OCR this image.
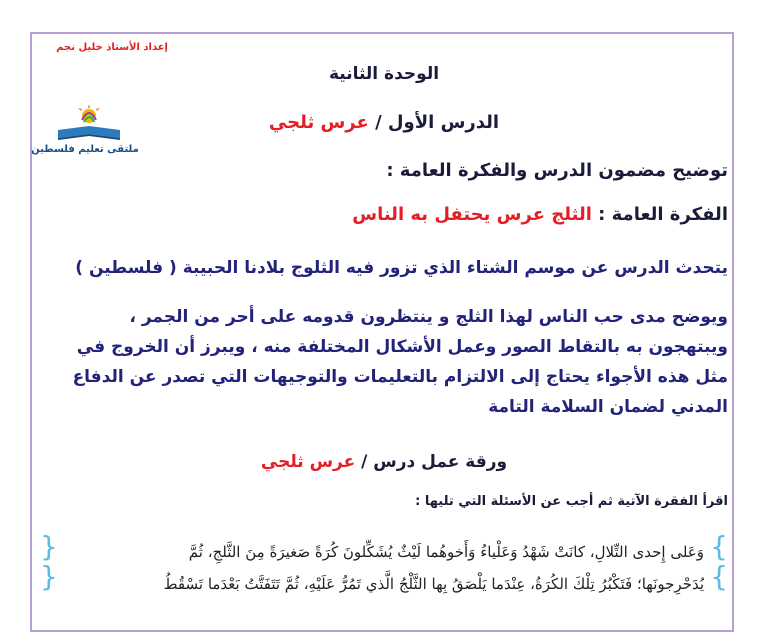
إعداد الأستاذ خليل نجم
ملتقى تعليم فلسطين
الوحدة الثانية
الدرس الأول / عرس ثلجي
توضيح مضمون الدرس والفكرة العامة :
الفكرة العامة : الثلج عرس يحتفل به الناس
يتحدث الدرس عن موسم الشتاء الذي تزور فيه الثلوج بلادنا الحبيبة ( فلسطين )
ويوضح مدى حب الناس لهذا الثلج و ينتظرون قدومه على أحر من الجمر ،
ويبتهجون به بالتقاط الصور وعمل الأشكال المختلفة منه ، ويبرز أن الخروج في
مثل هذه الأجواء يحتاج إلى الالتزام بالتعليمات والتوجيهات التي تصدر عن الدفاع
المدني لضمان السلامة التامة
ورقة عمل درس / عرس ثلجي
اقرأ الفقرة الآتية ثم أجب عن الأسئلة التي تليها :
{
{
}
}
وَعَلى إِحدى التِّلالِ، كانَتْ شَهْدُ وَعَلْياءُ وَأَخوهُما لَيْثٌ يُشَكِّلونَ كُرَةً صَغيرَةً مِنَ الثَّلجِ، ثُمَّ
يُدَحْرِجونَها؛ فَتَكْبُرُ تِلْكَ الكُرَةُ، عِنْدَما يَلْصَقُ بِها الثَّلْجُ الَّذي تَمُرُّ عَلَيْهِ، ثُمَّ تَتَفَتَّتُ بَعْدَما تَسْقُطُ
